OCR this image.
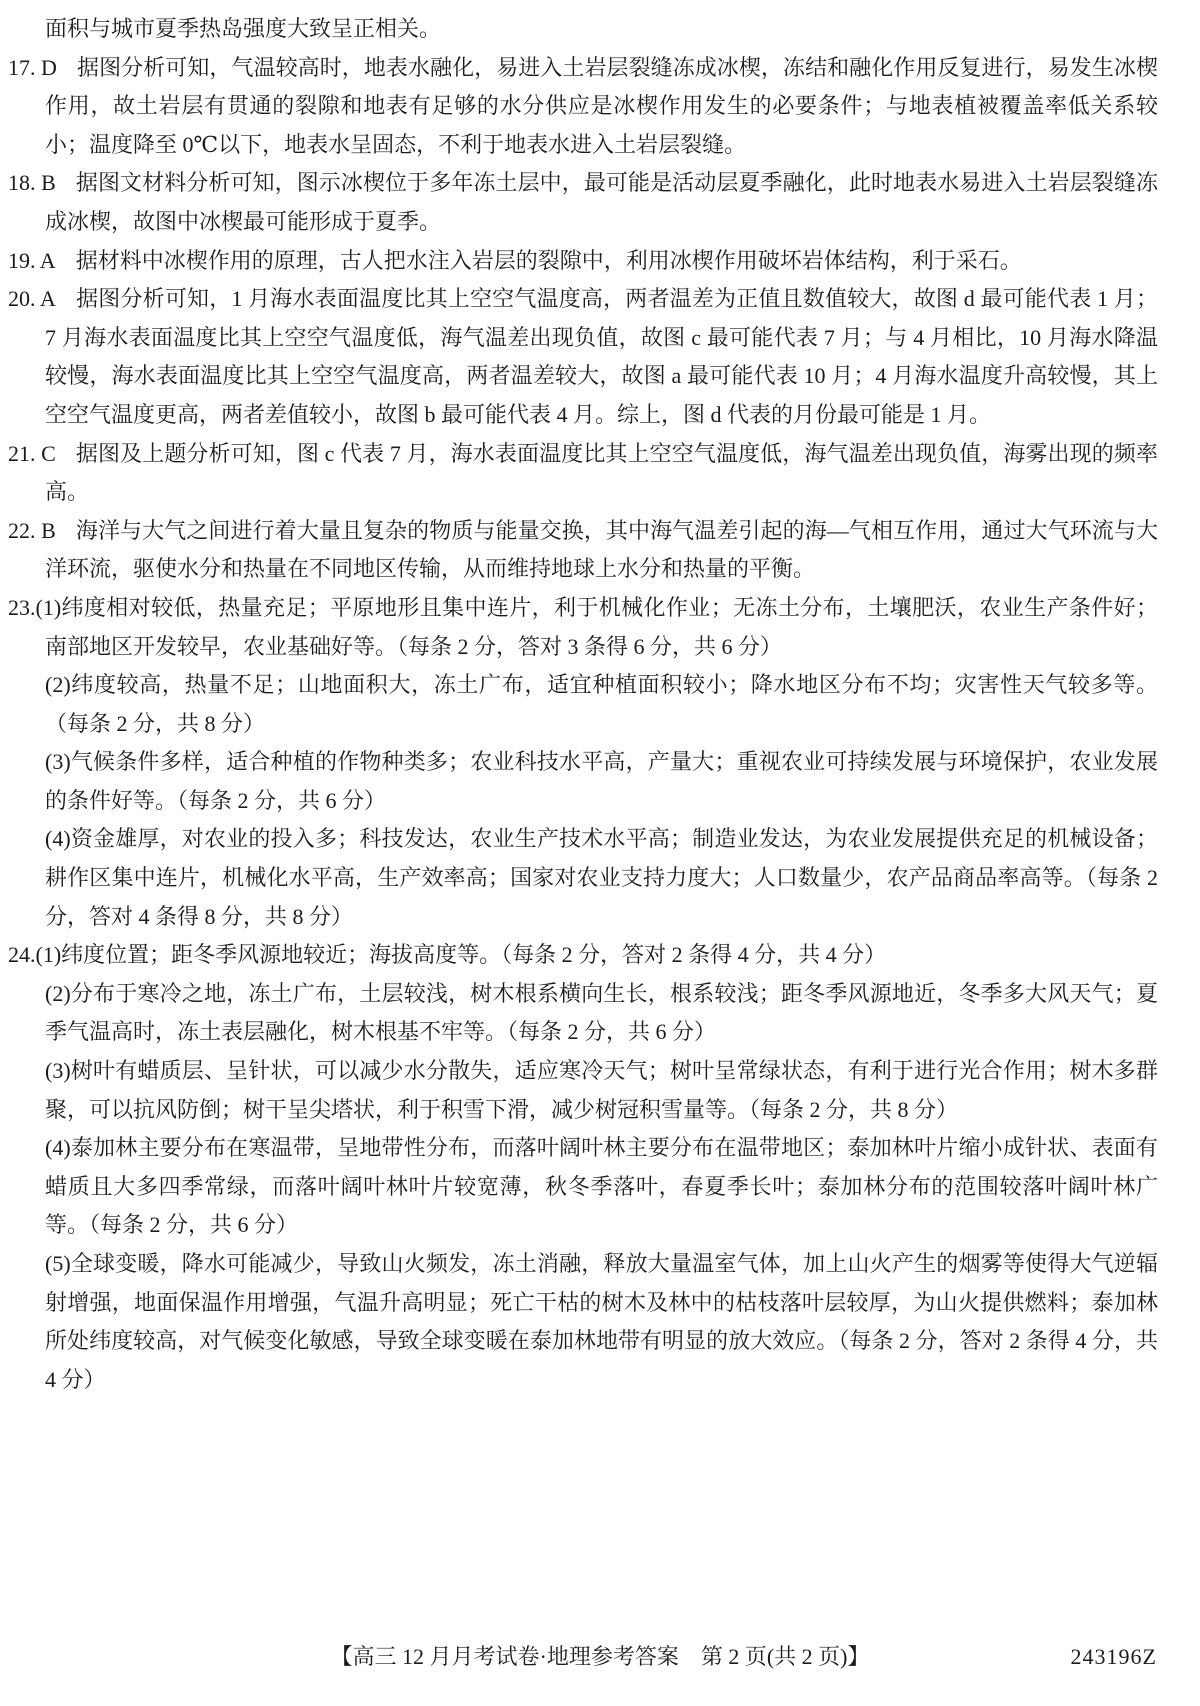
面积与城市夏季热岛强度大致呈正相关。

17. D 据图分析可知，气温较高时，地表水融化，易进入土岩层裂缝冻成冰楔，冻结和融化作用反复进行，易发生冰楔作用，故土岩层有贯通的裂隙和地表有足够的水分供应是冰楔作用发生的必要条件；与地表植被覆盖率低关系较小；温度降至 0℃以下，地表水呈固态，不利于地表水进入土岩层裂缝。

18. B 据图文材料分析可知，图示冰楔位于多年冻土层中，最可能是活动层夏季融化，此时地表水易进入土岩层裂缝冻成冰楔，故图中冰楔最可能形成于夏季。

19. A 据材料中冰楔作用的原理，古人把水注入岩层的裂隙中，利用冰楔作用破坏岩体结构，利于采石。

20. A 据图分析可知，1 月海水表面温度比其上空空气温度高，两者温差为正值且数值较大，故图 d 最可能代表 1 月；7 月海水表面温度比其上空空气温度低，海气温差出现负值，故图 c 最可能代表 7 月；与 4 月相比，10 月海水降温较慢，海水表面温度比其上空空气温度高，两者温差较大，故图 a 最可能代表 10 月；4 月海水温度升高较慢，其上空空气温度更高，两者差值较小，故图 b 最可能代表 4 月。综上，图 d 代表的月份最可能是 1 月。

21. C 据图及上题分析可知，图 c 代表 7 月，海水表面温度比其上空空气温度低，海气温差出现负值，海雾出现的频率高。

22. B 海洋与大气之间进行着大量且复杂的物质与能量交换，其中海气温差引起的海—气相互作用，通过大气环流与大洋环流，驱使水分和热量在不同地区传输，从而维持地球上水分和热量的平衡。

23.(1)纬度相对较低，热量充足；平原地形且集中连片，利于机械化作业；无冻土分布，土壤肥沃，农业生产条件好；南部地区开发较早，农业基础好等。（每条 2 分，答对 3 条得 6 分，共 6 分）

(2)纬度较高，热量不足；山地面积大，冻土广布，适宜种植面积较小；降水地区分布不均；灾害性天气较多等。（每条 2 分，共 8 分）

(3)气候条件多样，适合种植的作物种类多；农业科技水平高，产量大；重视农业可持续发展与环境保护，农业发展的条件好等。（每条 2 分，共 6 分）

(4)资金雄厚，对农业的投入多；科技发达，农业生产技术水平高；制造业发达，为农业发展提供充足的机械设备；耕作区集中连片，机械化水平高，生产效率高；国家对农业支持力度大；人口数量少，农产品商品率高等。（每条 2 分，答对 4 条得 8 分，共 8 分）

24.(1)纬度位置；距冬季风源地较近；海拔高度等。（每条 2 分，答对 2 条得 4 分，共 4 分）

(2)分布于寒冷之地，冻土广布，土层较浅，树木根系横向生长，根系较浅；距冬季风源地近，冬季多大风天气；夏季气温高时，冻土表层融化，树木根基不牢等。（每条 2 分，共 6 分）

(3)树叶有蜡质层、呈针状，可以减少水分散失，适应寒冷天气；树叶呈常绿状态，有利于进行光合作用；树木多群聚，可以抗风防倒；树干呈尖塔状，利于积雪下滑，减少树冠积雪量等。（每条 2 分，共 8 分）

(4)泰加林主要分布在寒温带，呈地带性分布，而落叶阔叶林主要分布在温带地区；泰加林叶片缩小成针状、表面有蜡质且大多四季常绿，而落叶阔叶林叶片较宽薄，秋冬季落叶，春夏季长叶；泰加林分布的范围较落叶阔叶林广等。（每条 2 分，共 6 分）

(5)全球变暖，降水可能减少，导致山火频发，冻土消融，释放大量温室气体，加上山火产生的烟雾等使得大气逆辐射增强，地面保温作用增强，气温升高明显；死亡干枯的树木及林中的枯枝落叶层较厚，为山火提供燃料；泰加林所处纬度较高，对气候变化敏感，导致全球变暖在泰加林地带有明显的放大效应。（每条 2 分，答对 2 条得 4 分，共 4 分）

【高三 12 月月考试卷·地理参考答案　第 2 页(共 2 页)】	243196Z
